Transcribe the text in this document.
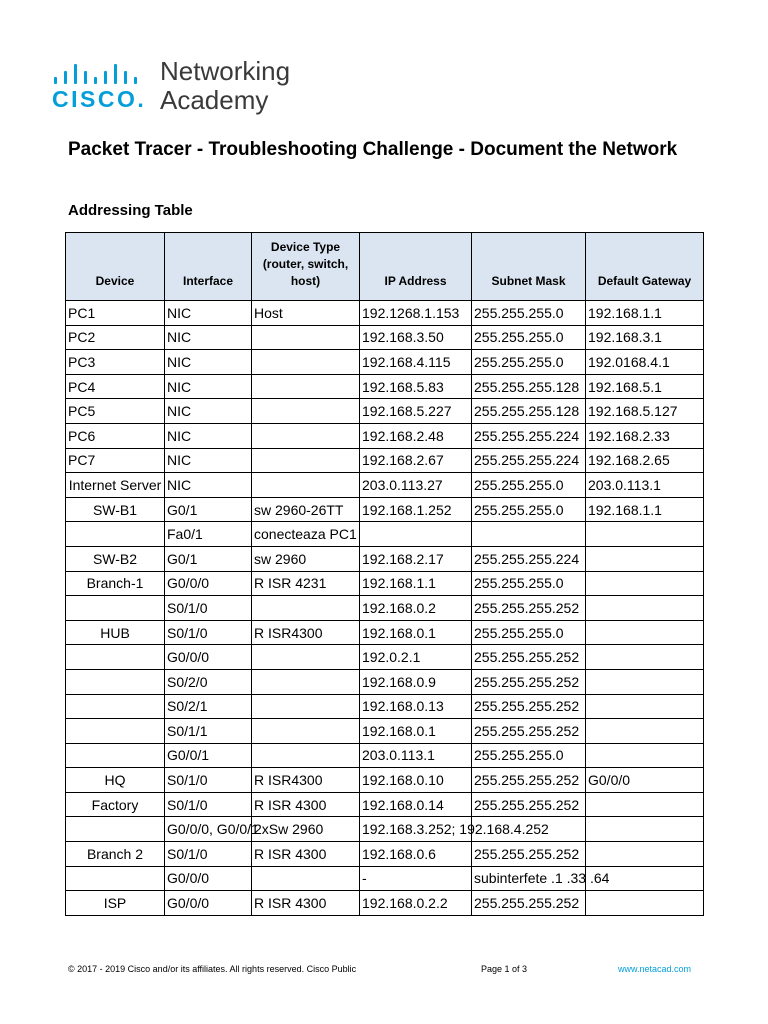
CISCO.
Networking
Academy
Packet Tracer - Troubleshooting Challenge - Document the Network
Addressing Table
Device	Interface	Device Type (router, switch, host)	IP Address	Subnet Mask	Default Gateway
PC1	NIC	Host	192.1268.1.153	255.255.255.0	192.168.1.1
PC2	NIC		192.168.3.50	255.255.255.0	192.168.3.1
PC3	NIC		192.168.4.115	255.255.255.0	192.0168.4.1
PC4	NIC		192.168.5.83	255.255.255.128	192.168.5.1
PC5	NIC		192.168.5.227	255.255.255.128	192.168.5.127
PC6	NIC		192.168.2.48	255.255.255.224	192.168.2.33
PC7	NIC		192.168.2.67	255.255.255.224	192.168.2.65
Internet Server	NIC		203.0.113.27	255.255.255.0	203.0.113.1
SW-B1	G0/1	sw 2960-26TT	192.168.1.252	255.255.255.0	192.168.1.1
	Fa0/1	conecteaza PC1			
SW-B2	G0/1	sw 2960	192.168.2.17	255.255.255.224	
Branch-1	G0/0/0	R ISR 4231	192.168.1.1	255.255.255.0	
	S0/1/0		192.168.0.2	255.255.255.252	
HUB	S0/1/0	R ISR4300	192.168.0.1	255.255.255.0	
	G0/0/0		192.0.2.1	255.255.255.252	
	S0/2/0		192.168.0.9	255.255.255.252	
	S0/2/1		192.168.0.13	255.255.255.252	
	S0/1/1		192.168.0.1	255.255.255.252	
	G0/0/1		203.0.113.1	255.255.255.0	
HQ	S0/1/0	R ISR4300	192.168.0.10	255.255.255.252	G0/0/0
Factory	S0/1/0	R ISR 4300	192.168.0.14	255.255.255.252	
	G0/0/0, G0/0/1	2xSw 2960	192.168.3.252; 192.168.4.252		
Branch 2	S0/1/0	R ISR 4300	192.168.0.6	255.255.255.252	
	G0/0/0		-	subinterfete .1 .33 .64	
ISP	G0/0/0	R ISR 4300	192.168.0.2.2	255.255.255.252	
© 2017 - 2019 Cisco and/or its affiliates. All rights reserved. Cisco Public	Page 1 of 3	www.netacad.com
